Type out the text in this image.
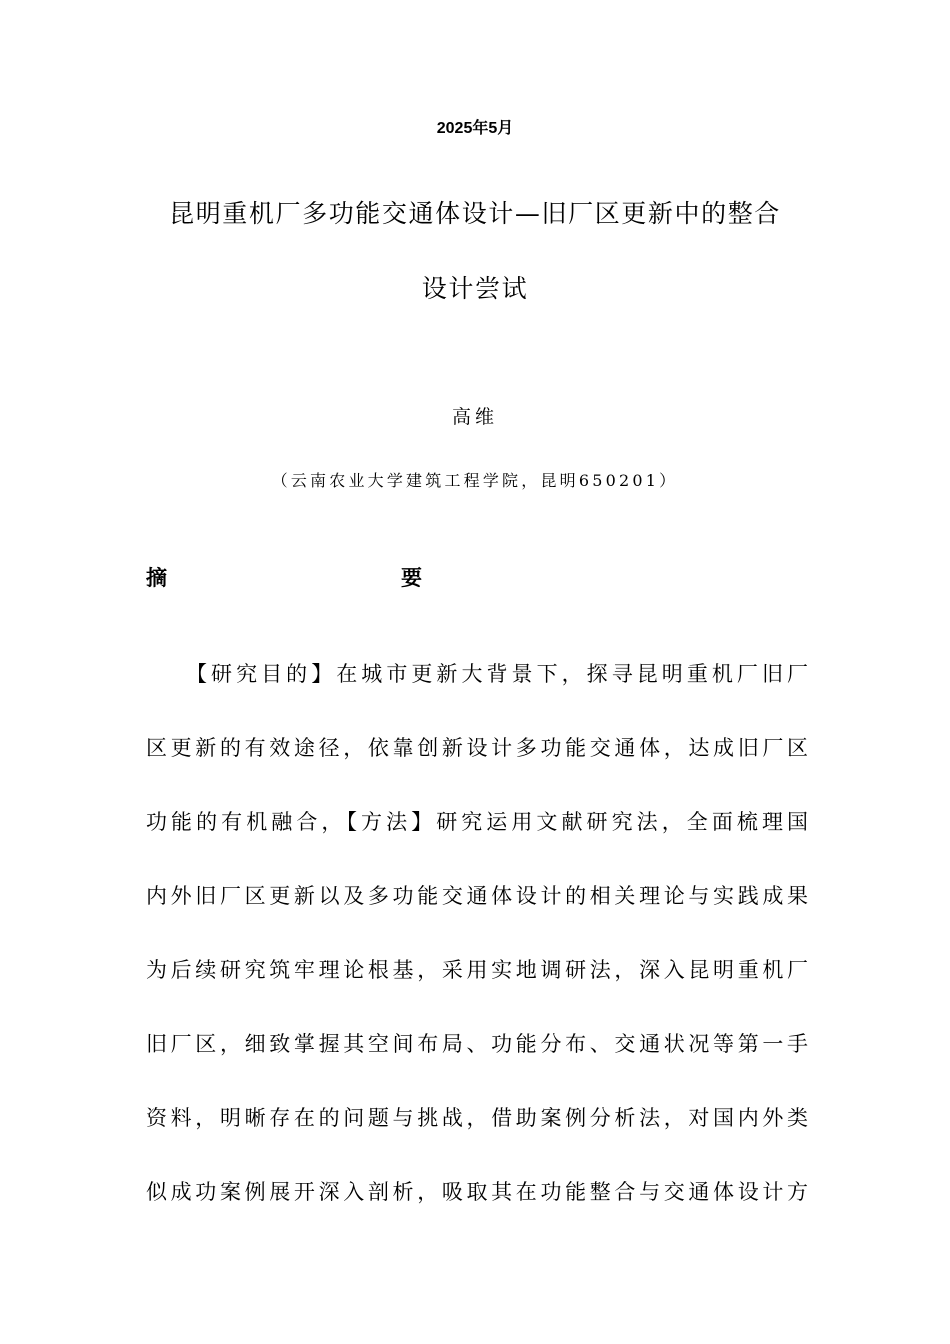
2025年5月
昆明重机厂多功能交通体设计—旧厂区更新中的整合
设计尝试
高维
（云南农业大学建筑工程学院，昆明650201）
摘	要
【研究目的】在城市更新大背景下，探寻昆明重机厂旧厂
区更新的有效途径，依靠创新设计多功能交通体，达成旧厂区
功能的有机融合，【方法】研究运用文献研究法，全面梳理国
内外旧厂区更新以及多功能交通体设计的相关理论与实践成果
为后续研究筑牢理论根基，采用实地调研法，深入昆明重机厂
旧厂区，细致掌握其空间布局、功能分布、交通状况等第一手
资料，明晰存在的问题与挑战，借助案例分析法，对国内外类
似成功案例展开深入剖析，吸取其在功能整合与交通体设计方
